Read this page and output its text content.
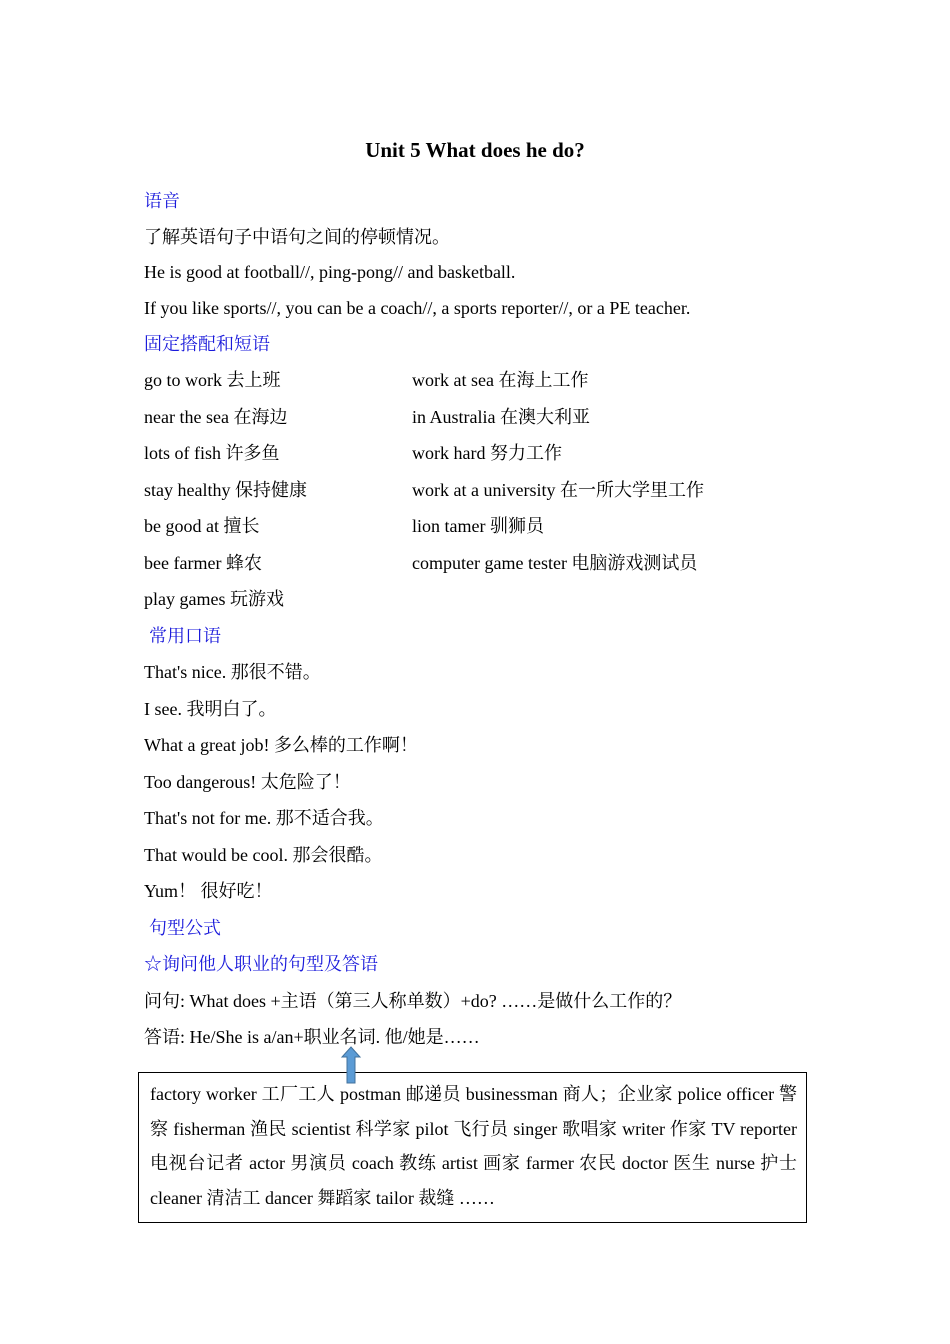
Unit 5 What does he do?
语音
了解英语句子中语句之间的停顿情况。
He is good at football//, ping-pong// and basketball.
If you like sports//, you can be a coach//, a sports reporter//, or a PE teacher.
固定搭配和短语
go to work 去上班	work at sea 在海上工作
near the sea 在海边	in Australia 在澳大利亚
lots of fish 许多鱼	work hard 努力工作
stay healthy 保持健康	work at a university 在一所大学里工作
be good at 擅长	lion tamer 驯狮员
bee farmer 蜂农	computer game tester 电脑游戏测试员
play games 玩游戏
常用口语
That's nice. 那很不错。
I see. 我明白了。
What a great job! 多么棒的工作啊！
Too dangerous! 太危险了！
That's not for me. 那不适合我。
That would be cool. 那会很酷。
Yum！ 很好吃！
句型公式
☆询问他人职业的句型及答语
问句: What does +主语（第三人称单数）+do? ……是做什么工作的？
答语: He/She is a/an+职业名词. 他/她是……
factory worker 工厂工人 postman 邮递员 businessman 商人；企业家 police officer 警察 fisherman 渔民 scientist 科学家 pilot 飞行员 singer 歌唱家 writer 作家 TV reporter 电视台记者 actor 男演员 coach 教练 artist 画家 farmer 农民 doctor 医生 nurse 护士 cleaner 清洁工 dancer 舞蹈家 tailor 裁缝 ……
